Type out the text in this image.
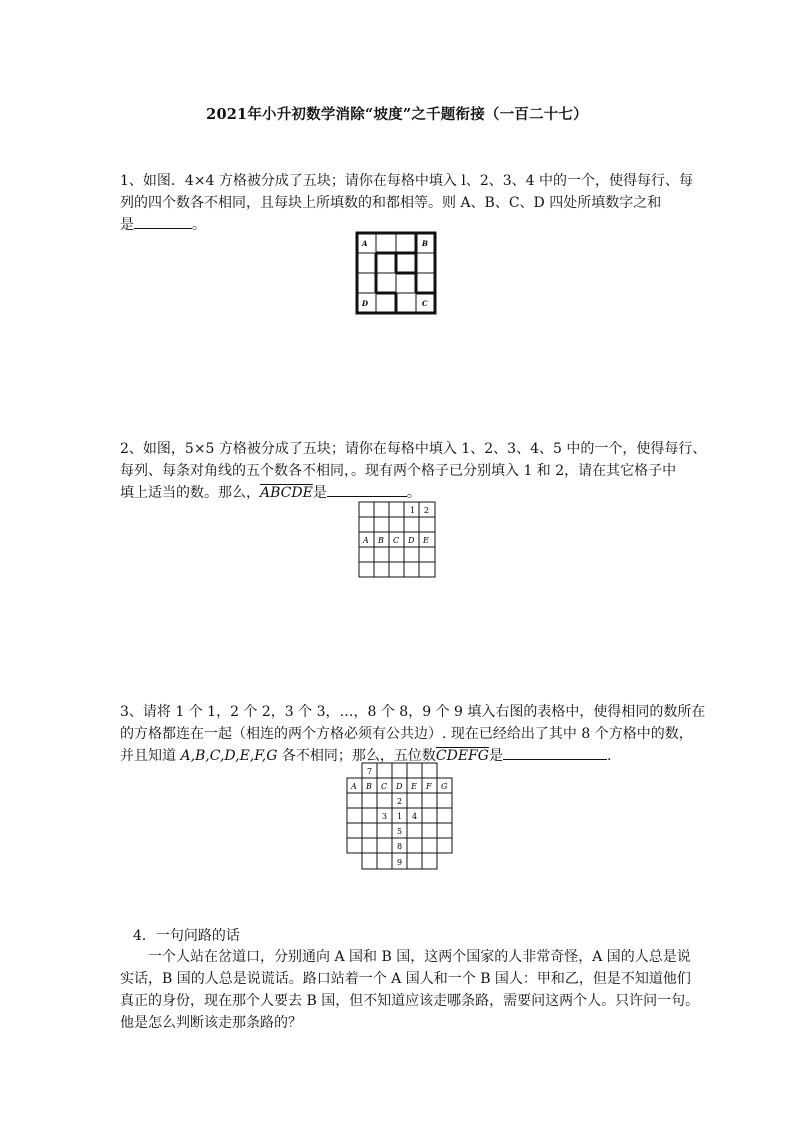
2021年小升初数学消除“坡度”之千题衔接（一百二十七）

1、如图．4×4 方格被分成了五块；请你在每格中填入 l、2、3、4 中的一个，使得每行、每

列的四个数各不相同，且每块上所填数的和都相等。则 A、B、C、D 四处所填数字之和

是	。

A	B
C
D

2、如图，5×5 方格被分成了五块；请你在每格中填入 1、2、3、4、5 中的一个，使得每行、

每列、每条对角线的五个数各不相同，。现有两个格子已分别填入 1 和 2，请在其它格子中

填上适当的数。那么，ABCDE是	。

1 2
A B C D E

3、请将 1 个 1，2 个 2，3 个 3，…，8 个 8，9 个 9 填入右图的表格中，使得相同的数所在

的方格都连在一起（相连的两个方格必须有公共边）. 现在已经给出了其中 8 个方格中的数，

并且知道 A,B,C,D,E,F,G 各不相同；那么，五位数CDEFG是	.

7
A B C D E F G
2
3 1 4
5
8
9
4．一句问路的话

一个人站在岔道口，分别通向 A 国和 B 国，这两个国家的人非常奇怪，A 国的人总是说

实话，B 国的人总是说谎话。路口站着一个 A 国人和一个 B 国人：甲和乙，但是不知道他们

真正的身份，现在那个人要去 B 国，但不知道应该走哪条路，需要问这两个人。只许问一句。

他是怎么判断该走那条路的？
